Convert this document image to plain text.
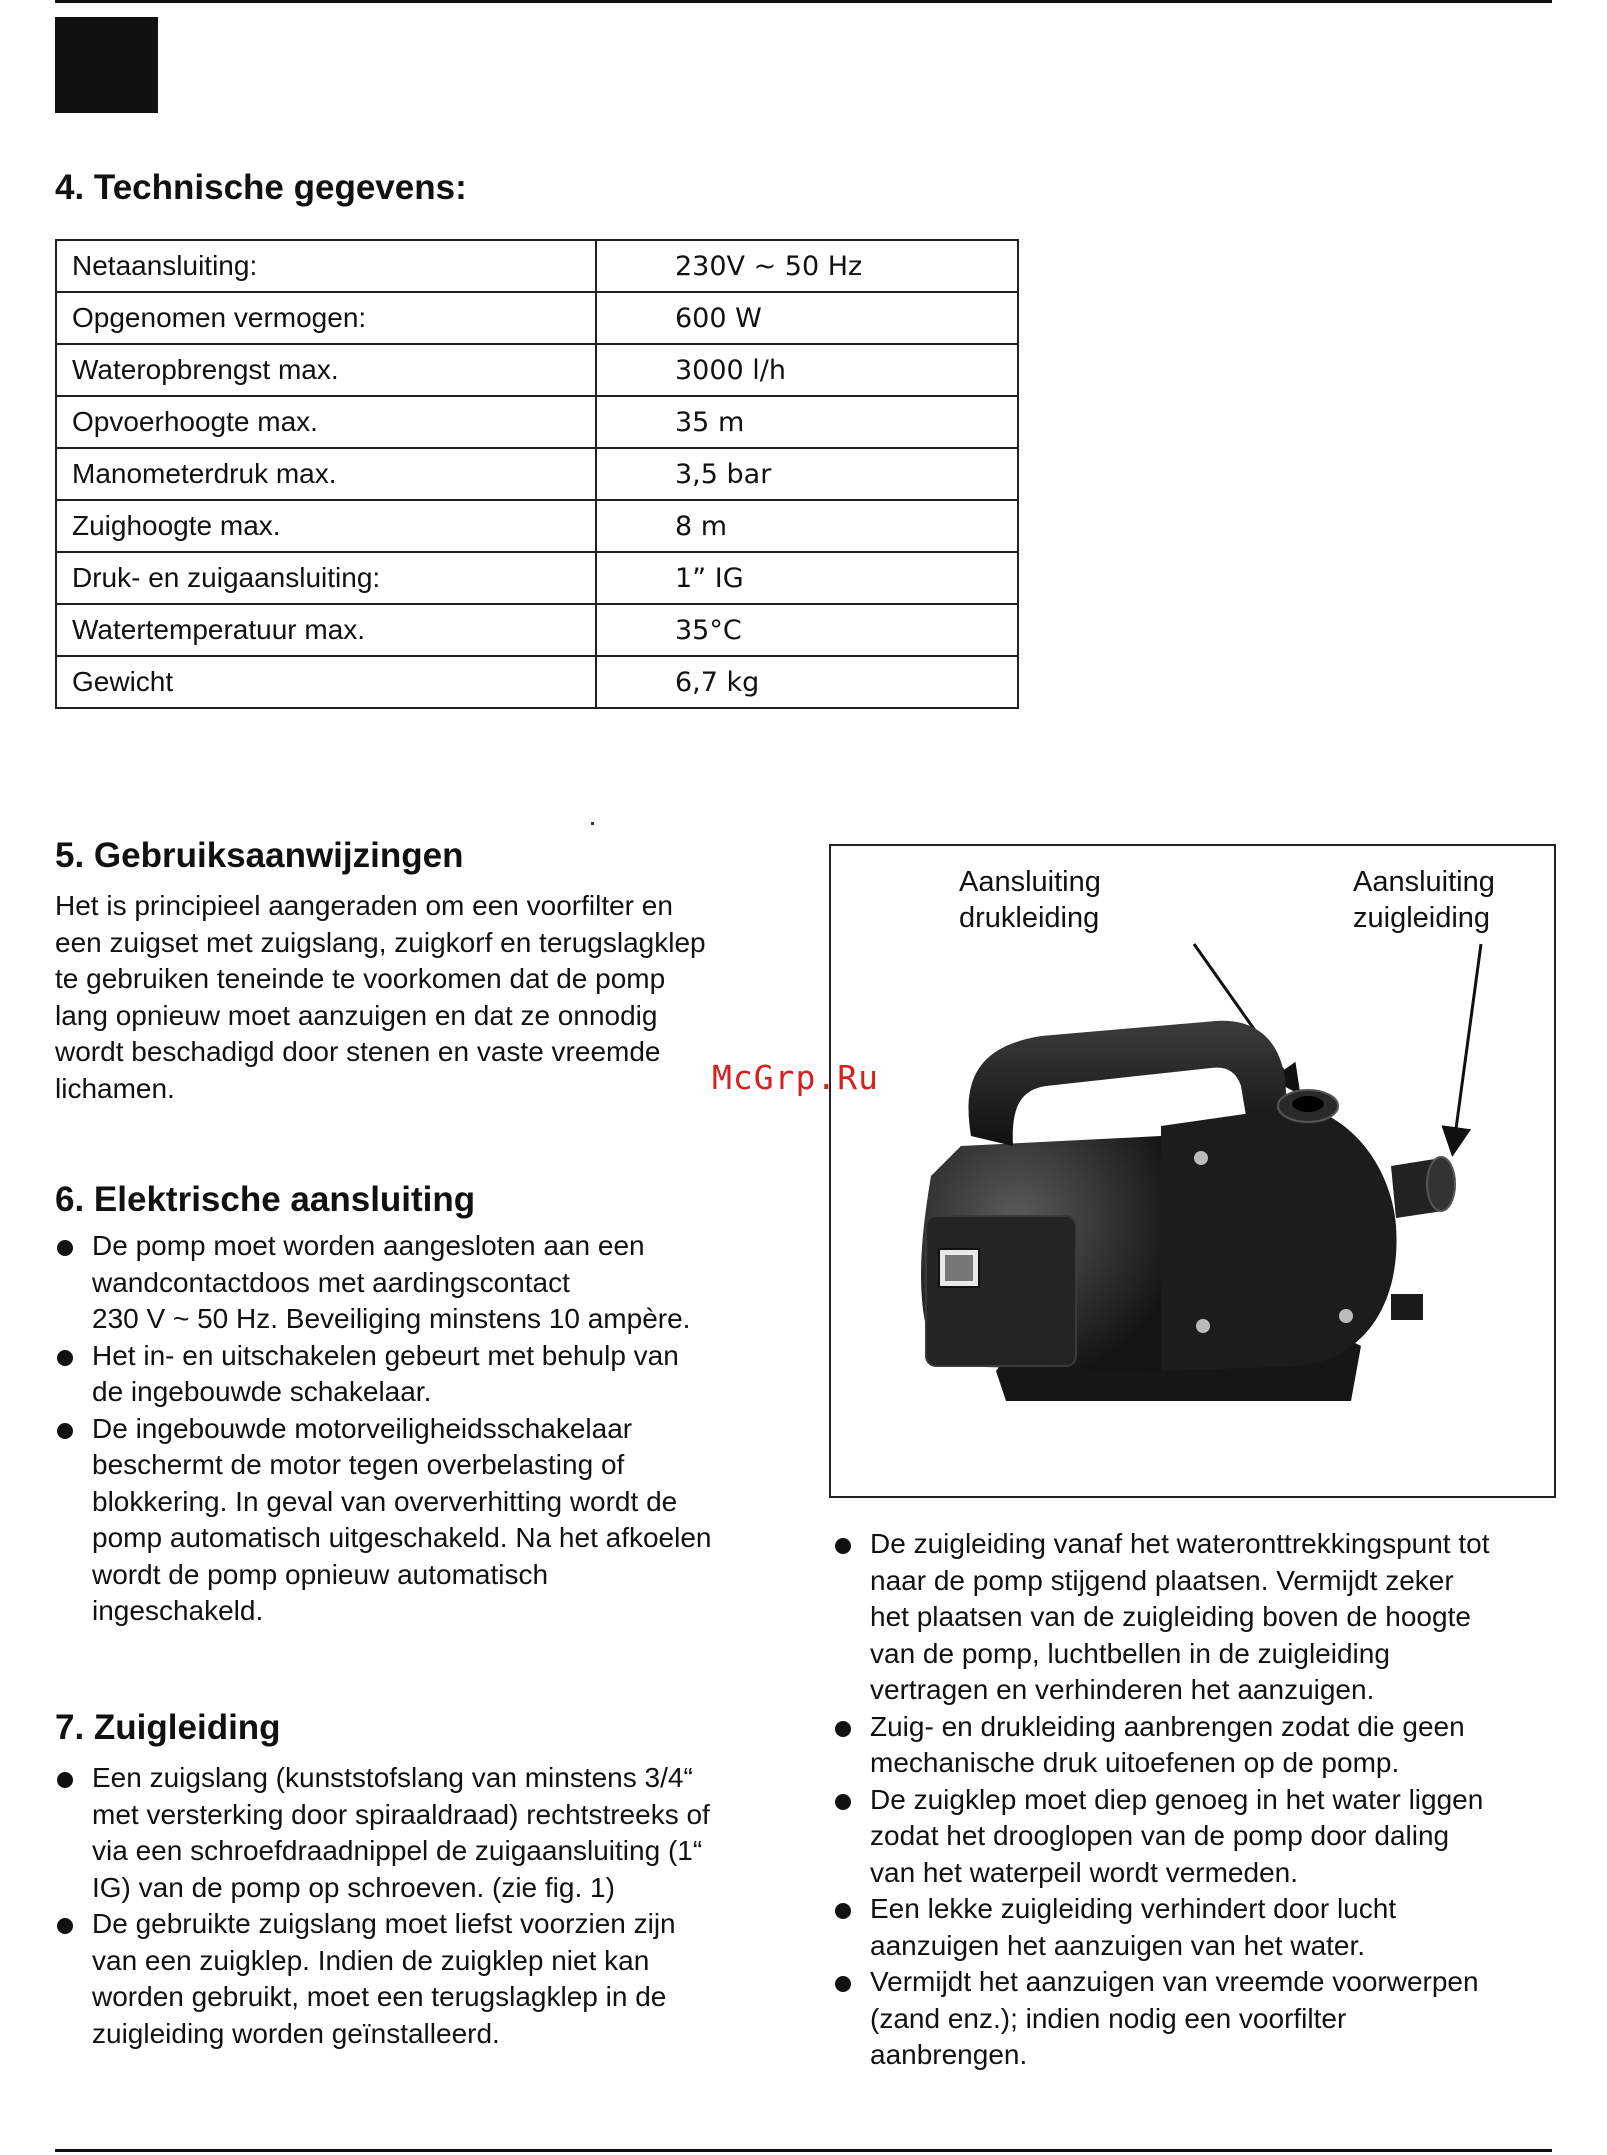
4. Technische gegevens:
Netaansluiting:	230V ~ 50 Hz
Opgenomen vermogen:	600 W
Wateropbrengst max.	3000 l/h
Opvoerhoogte max.	35 m
Manometerdruk max.	3,5 bar
Zuighoogte max.	8 m
Druk- en zuigaansluiting:	1” IG
Watertemperatuur max.	35°C
Gewicht	6,7 kg
5. Gebruiksaanwijzingen
Het is principieel aangeraden om een voorfilter en
een zuigset met zuigslang, zuigkorf en terugslagklep
te gebruiken teneinde te voorkomen dat de pomp
lang opnieuw moet aanzuigen en dat ze onnodig
wordt beschadigd door stenen en vaste vreemde
lichamen.
6. Elektrische aansluiting
De pomp moet worden aangesloten aan een
wandcontactdoos met aardingscontact
230 V ~ 50 Hz. Beveiliging minstens 10 ampère.
Het in- en uitschakelen gebeurt met behulp van
de ingebouwde schakelaar.
De ingebouwde motorveiligheidsschakelaar
beschermt de motor tegen overbelasting of
blokkering. In geval van oververhitting wordt de
pomp automatisch uitgeschakeld. Na het afkoelen
wordt de pomp opnieuw automatisch
ingeschakeld.
7. Zuigleiding
Een zuigslang (kunststofslang van minstens 3/4“
met versterking door spiraaldraad) rechtstreeks of
via een schroefdraadnippel de zuigaansluiting (1“
IG) van de pomp op schroeven. (zie fig. 1)
De gebruikte zuigslang moet liefst voorzien zijn
van een zuigklep. Indien de zuigklep niet kan
worden gebruikt, moet een terugslagklep in de
zuigleiding worden geïnstalleerd.
Aansluiting
drukleiding
Aansluiting
zuigleiding
McGrp.Ru
De zuigleiding vanaf het wateronttrekkingspunt tot
naar de pomp stijgend plaatsen. Vermijdt zeker
het plaatsen van de zuigleiding boven de hoogte
van de pomp, luchtbellen in de zuigleiding
vertragen en verhinderen het aanzuigen.
Zuig- en drukleiding aanbrengen zodat die geen
mechanische druk uitoefenen op de pomp.
De zuigklep moet diep genoeg in het water liggen
zodat het drooglopen van de pomp door daling
van het waterpeil wordt vermeden.
Een lekke zuigleiding verhindert door lucht
aanzuigen het aanzuigen van het water.
Vermijdt het aanzuigen van vreemde voorwerpen
(zand enz.); indien nodig een voorfilter
aanbrengen.
